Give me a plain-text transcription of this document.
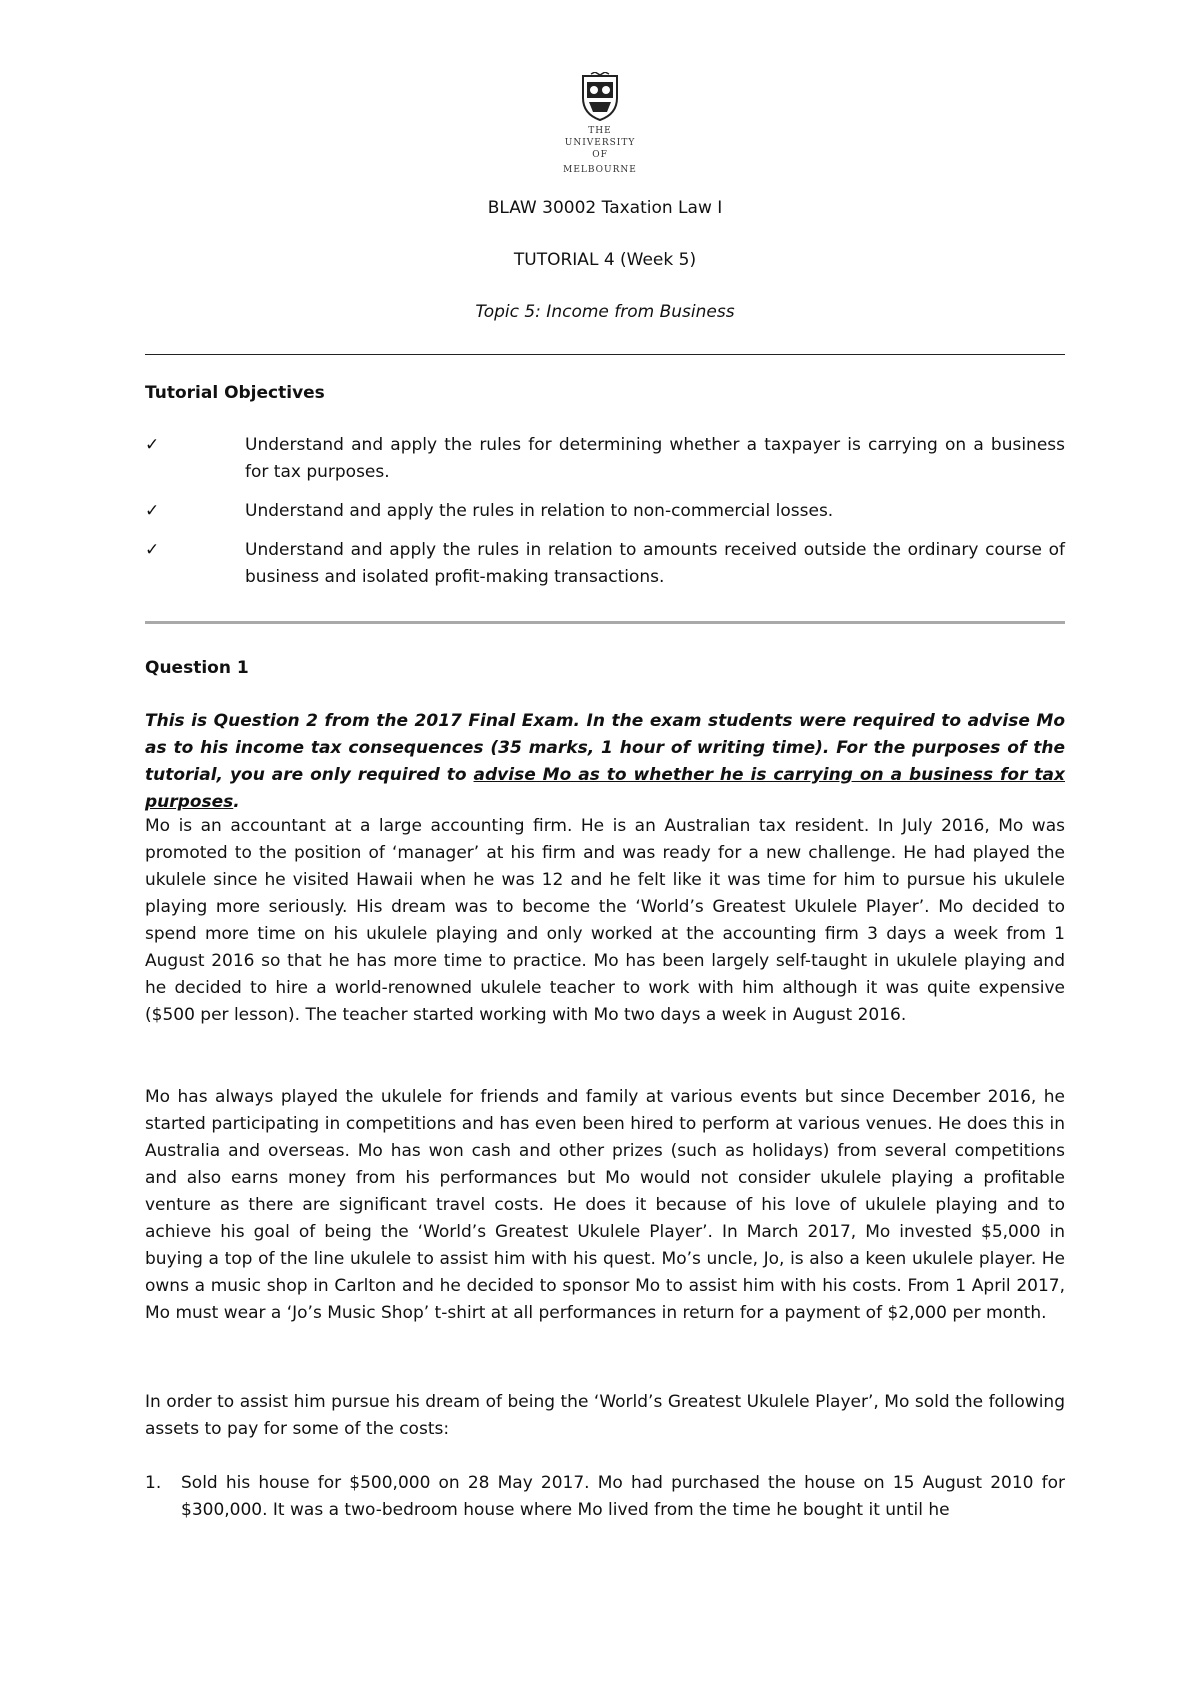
THE UNIVERSITY OF
MELBOURNE
BLAW 30002 Taxation Law I
TUTORIAL 4 (Week 5)
Topic 5: Income from Business
Tutorial Objectives
✓	Understand and apply the rules for determining whether a taxpayer is carrying on a business for tax purposes.
✓	Understand and apply the rules in relation to non-commercial losses.
✓	Understand and apply the rules in relation to amounts received outside the ordinary course of business and isolated profit-making transactions.
Question 1
This is Question 2 from the 2017 Final Exam. In the exam students were required to advise Mo as to his income tax consequences (35 marks, 1 hour of writing time). For the purposes of the tutorial, you are only required to advise Mo as to whether he is carrying on a business for tax purposes.
Mo is an accountant at a large accounting firm. He is an Australian tax resident. In July 2016, Mo was promoted to the position of ‘manager’ at his firm and was ready for a new challenge. He had played the ukulele since he visited Hawaii when he was 12 and he felt like it was time for him to pursue his ukulele playing more seriously. His dream was to become the ‘World’s Greatest Ukulele Player’. Mo decided to spend more time on his ukulele playing and only worked at the accounting firm 3 days a week from 1 August 2016 so that he has more time to practice. Mo has been largely self-taught in ukulele playing and he decided to hire a world-renowned ukulele teacher to work with him although it was quite expensive ($500 per lesson). The teacher started working with Mo two days a week in August 2016.
Mo has always played the ukulele for friends and family at various events but since December 2016, he started participating in competitions and has even been hired to perform at various venues. He does this in Australia and overseas. Mo has won cash and other prizes (such as holidays) from several competitions and also earns money from his performances but Mo would not consider ukulele playing a profitable venture as there are significant travel costs. He does it because of his love of ukulele playing and to achieve his goal of being the ‘World’s Greatest Ukulele Player’. In March 2017, Mo invested $5,000 in buying a top of the line ukulele to assist him with his quest. Mo’s uncle, Jo, is also a keen ukulele player. He owns a music shop in Carlton and he decided to sponsor Mo to assist him with his costs. From 1 April 2017, Mo must wear a ‘Jo’s Music Shop’ t-shirt at all performances in return for a payment of $2,000 per month.
In order to assist him pursue his dream of being the ‘World’s Greatest Ukulele Player’, Mo sold the following assets to pay for some of the costs:
1. Sold his house for $500,000 on 28 May 2017. Mo had purchased the house on 15 August 2010 for $300,000. It was a two-bedroom house where Mo lived from the time he bought it until he
